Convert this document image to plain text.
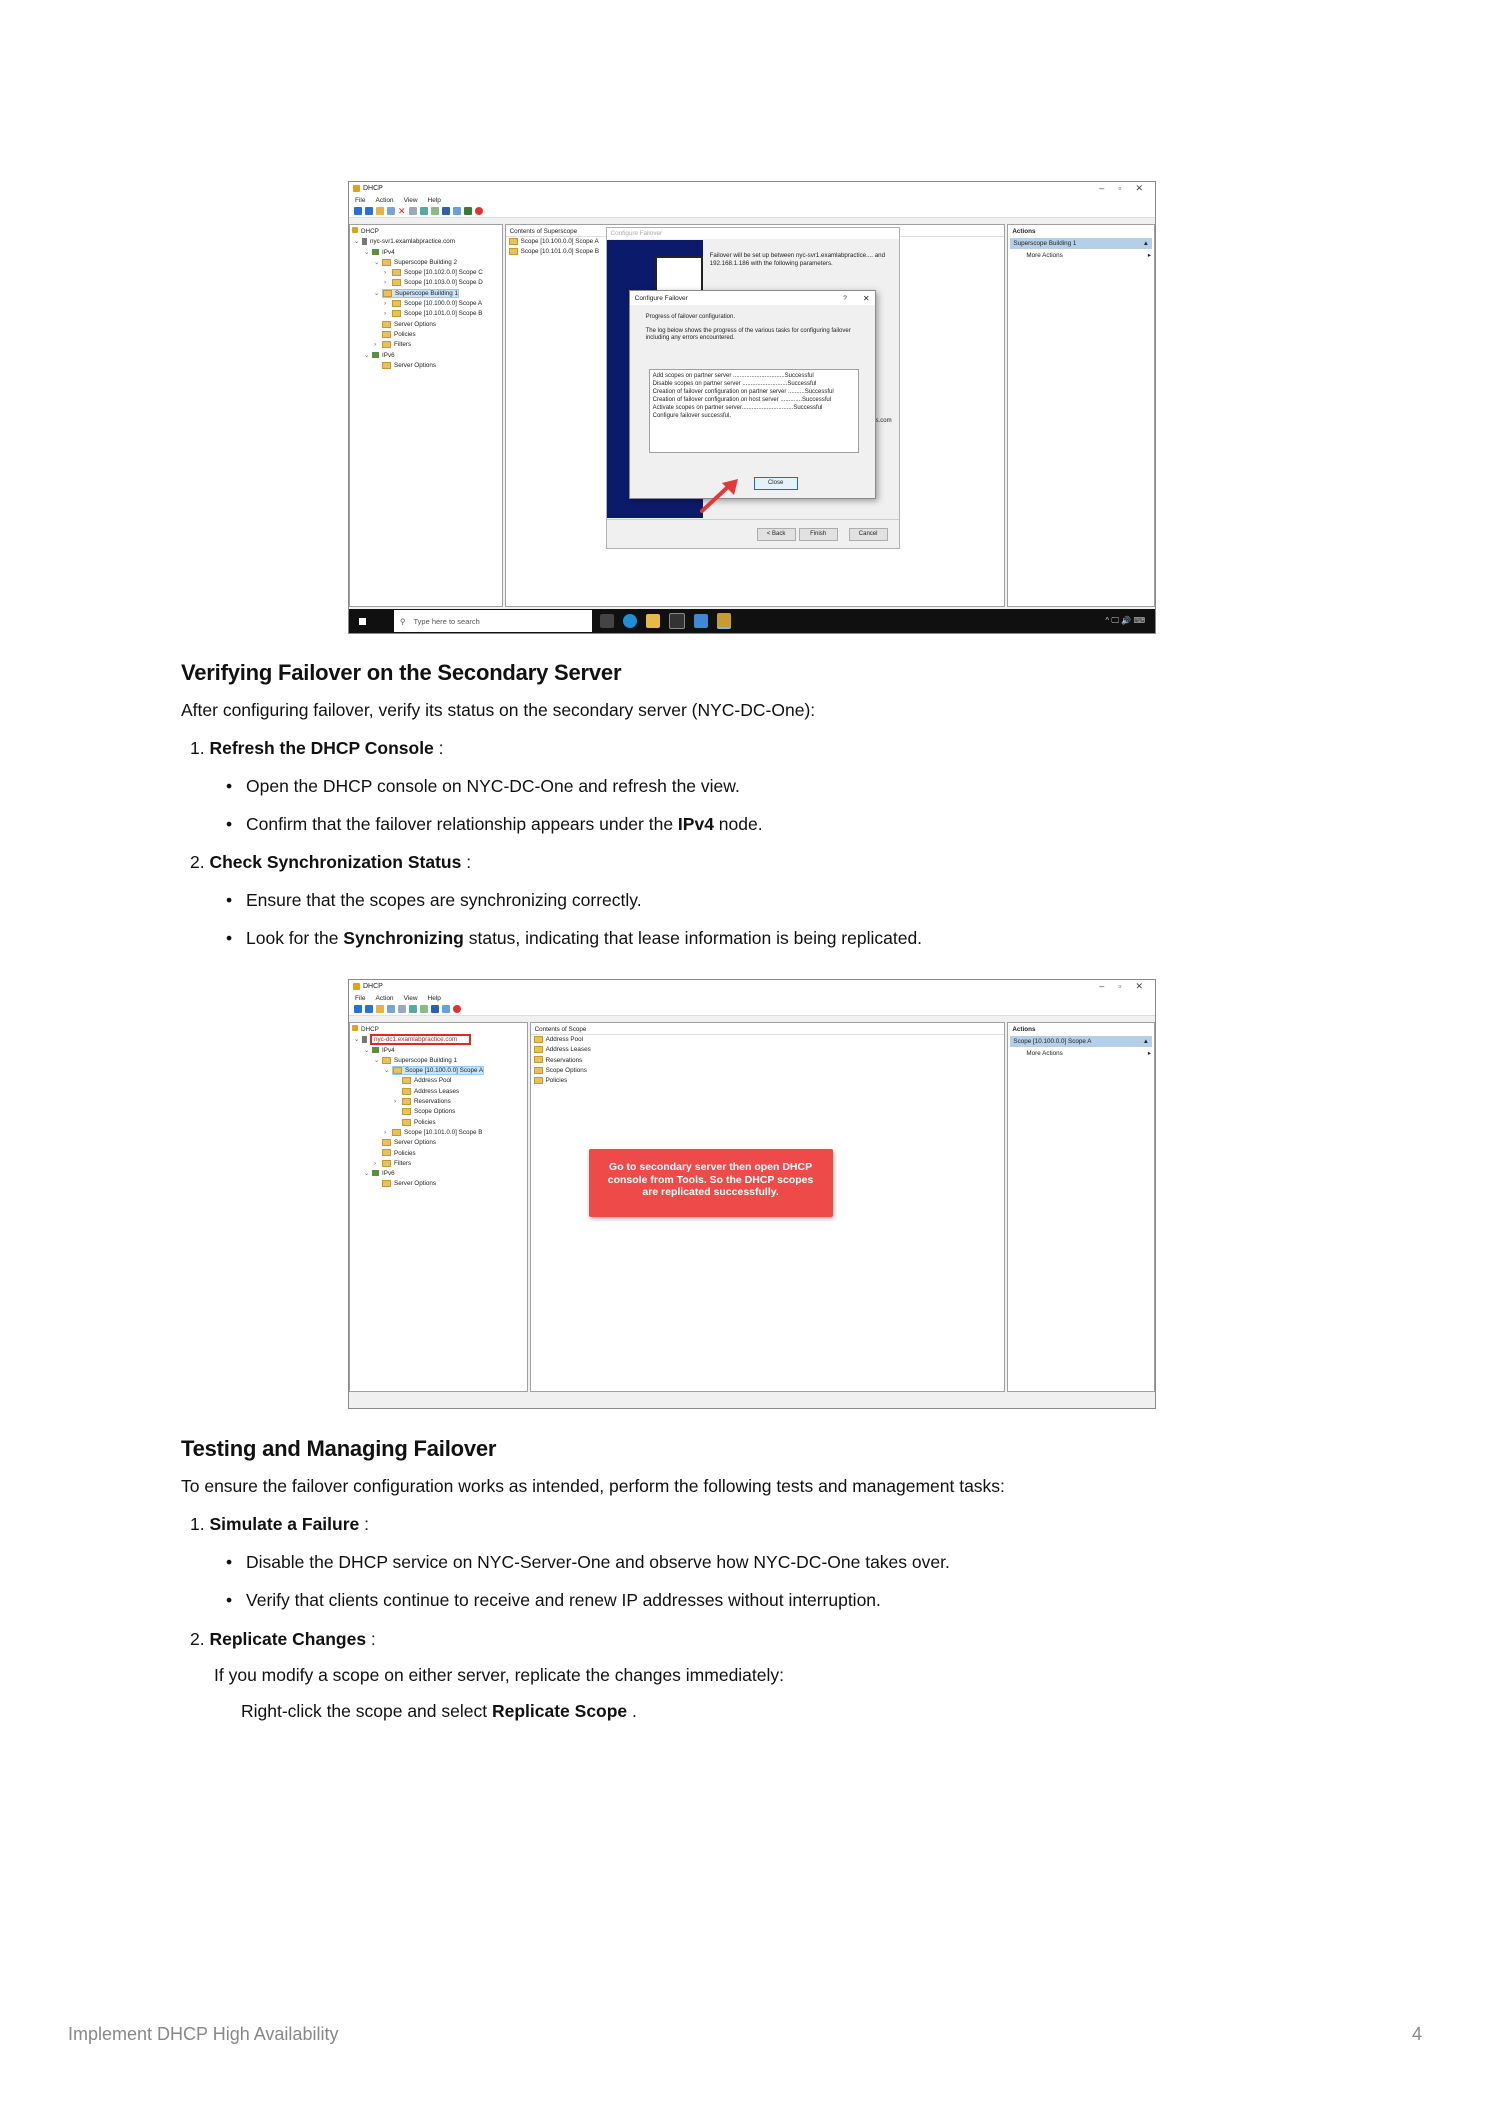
DHCP	– ▫ ✕
File Action View Help
✕
DHCP
⌄ nyc-svr1.examlabpractice.com
⌄ IPv4
⌄ Superscope Building 2
›	Scope [10.102.0.0] Scope C
›	Scope [10.103.0.0] Scope D
⌄ Superscope Building 1
›	Scope [10.100.0.0] Scope A
›	Scope [10.101.0.0] Scope B
Server Options
Policies
›	Filters
⌄ IPv6
Server Options
Contents of Superscope
Scope [10.100.0.0] Scope A
Scope [10.101.0.0] Scope B
Configure Failover
Failover will be set up between nyc-svr1.examlabpractice.... and 192.168.1.186 with the following parameters.
< Back	Finish	Cancel
Configure Failover	? ✕
Progress of failover configuration.
The log below shows the progress of the various tasks for configuring failover including any errors encountered.
Add scopes on partner server ...............................Successful
Disable scopes on partner server ...........................Successful
Creation of failover configuration on partner server ..........Successful
Creation of failover configuration on host server .............Successful
Activate scopes on partner server...............................Successful
Configure failover successful.
Close
s.com
Actions
Superscope Building 1	▲
More Actions	▸
⚲ Type here to search	^ 🖵 🔊 ⌨
Verifying Failover on the Secondary Server

After configuring failover, verify its status on the secondary server (NYC-DC-One):

1. Refresh the DHCP Console :
• Open the DHCP console on NYC-DC-One and refresh the view.
• Confirm that the failover relationship appears under the IPv4 node.
2. Check Synchronization Status :
• Ensure that the scopes are synchronizing correctly.
• Look for the Synchronizing status, indicating that lease information is being replicated.
DHCP	– ▫ ✕
File Action View Help
DHCP
⌄ nyc-dc1.examlabpractice.com
⌄ IPv4
⌄ Superscope Building 1
⌄ Scope [10.100.0.0] Scope A
Address Pool
Address Leases
›	Reservations
Scope Options
Policies
›	Scope [10.101.0.0] Scope B
Server Options
Policies
›	Filters
⌄ IPv6
Server Options
Contents of Scope
Address Pool
Address Leases
Reservations
Scope Options
Policies
Go to secondary server then open DHCP console from Tools. So the DHCP scopes are replicated successfully.
Actions
Scope [10.100.0.0] Scope A	▲
More Actions	▸
Testing and Managing Failover

To ensure the failover configuration works as intended, perform the following tests and management tasks:

1. Simulate a Failure :
• Disable the DHCP service on NYC-Server-One and observe how NYC-DC-One takes over.
• Verify that clients continue to receive and renew IP addresses without interruption.
2. Replicate Changes :
If you modify a scope on either server, replicate the changes immediately:
Right-click the scope and select Replicate Scope .
Implement DHCP High Availability	4
